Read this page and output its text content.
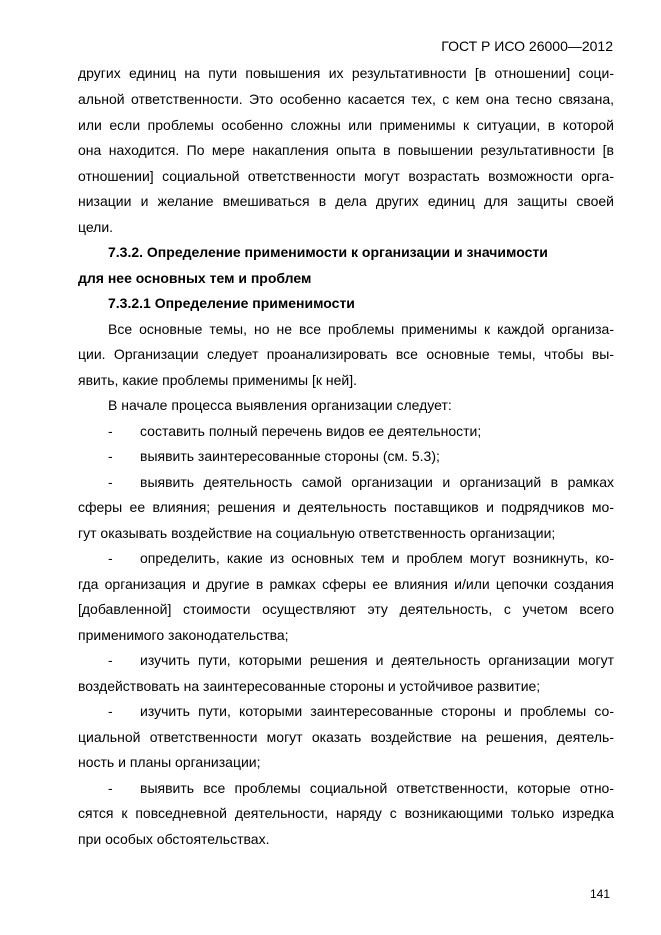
ГОСТ Р ИСО 26000—2012
других единиц на пути повышения их результативности [в отношении] соци-
альной ответственности. Это особенно касается тех, с кем она тесно связана,
или если проблемы особенно сложны или применимы к ситуации, в которой
она находится. По мере накапления опыта в повышении результативности [в
отношении] социальной ответственности могут возрастать возможности орга-
низации и желание вмешиваться в дела других единиц для защиты своей
цели.
7.3.2. Определение применимости к организации и значимости
для нее основных тем и проблем
7.3.2.1 Определение применимости
Все основные темы, но не все проблемы применимы к каждой организа-
ции. Организации следует проанализировать все основные темы, чтобы вы-
явить, какие проблемы применимы [к ней].
В начале процесса выявления организации следует:
- составить полный перечень видов ее деятельности;
- выявить заинтересованные стороны (см. 5.3);
- выявить деятельность самой организации и организаций в рамках
сферы ее влияния; решения и деятельность поставщиков и подрядчиков мо-
гут оказывать воздействие на социальную ответственность организации;
- определить, какие из основных тем и проблем могут возникнуть, ко-
гда организация и другие в рамках сферы ее влияния и/или цепочки создания
[добавленной] стоимости осуществляют эту деятельность, с учетом всего
применимого законодательства;
- изучить пути, которыми решения и деятельность организации могут
воздействовать на заинтересованные стороны и устойчивое развитие;
- изучить пути, которыми заинтересованные стороны и проблемы со-
циальной ответственности могут оказать воздействие на решения, деятель-
ность и планы организации;
- выявить все проблемы социальной ответственности, которые отно-
сятся к повседневной деятельности, наряду с возникающими только изредка
при особых обстоятельствах.
141
